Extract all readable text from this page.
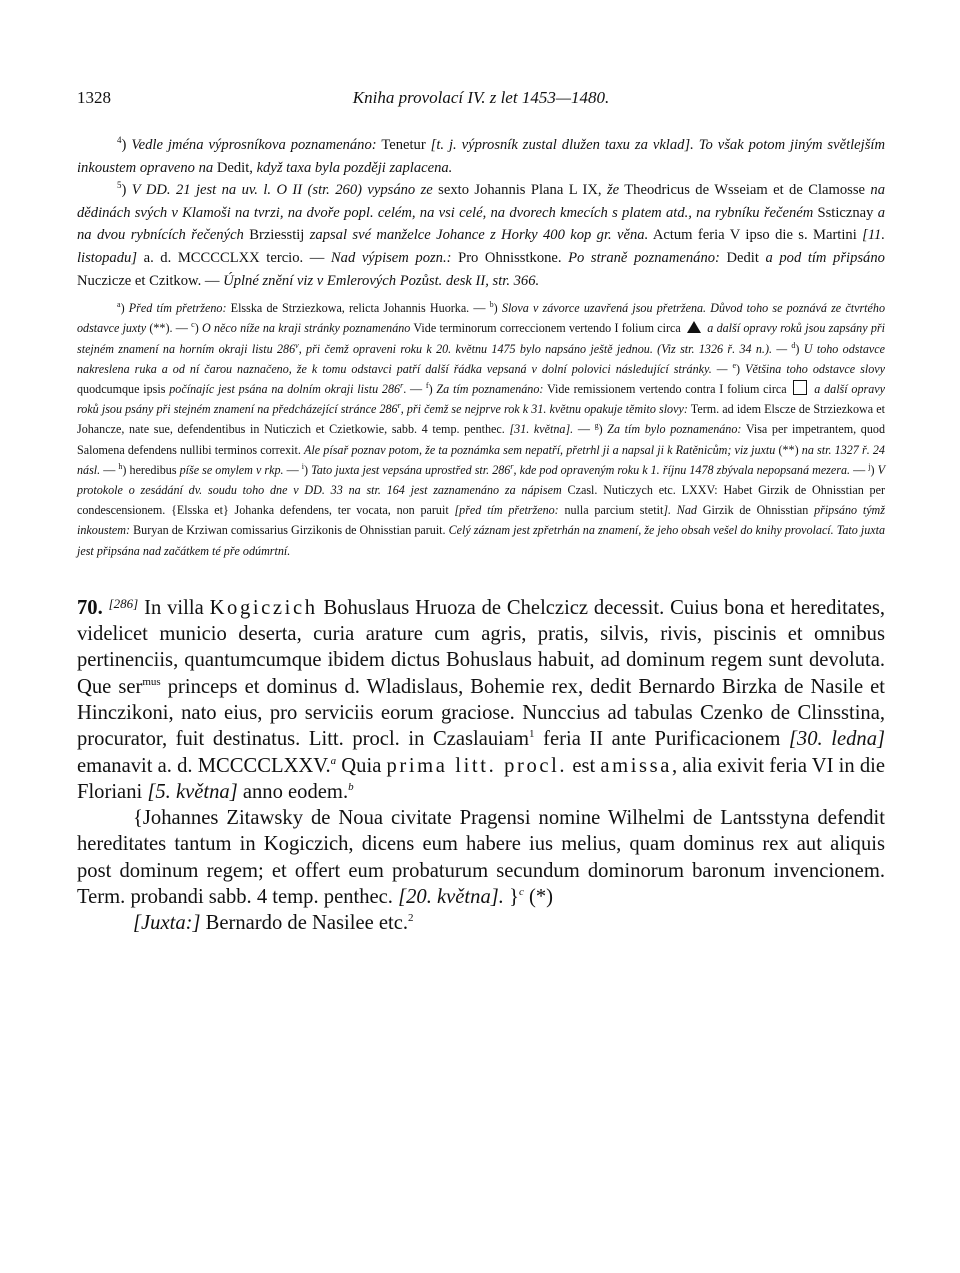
1328	Kniha provolací IV. z let 1453—1480.

$^4$) Vedle jména výprosníkova poznamenáno: Tenetur [t. j. výprosník zustal dlužen taxu za vklad]. To však potom jiným světlejším inkoustem opraveno na Dedit, když taxa byla později zaplacena.

$^5$) V DD. 21 jest na uv. l. O II (str. 260) vypsáno ze sexto Johannis Plana L IX, že Theodricus de Wsseiam et de Clamosse na dědinách svých v Klamoši na tvrzi, na dvoře popl. celém, na vsi celé, na dvorech kmecích s platem atd., na rybníku řečeném Ssticznay a na dvou rybnících řečených Brziesstij zapsal své manželce Johance z Horky 400 kop gr. věna. Actum feria V ipso die s. Martini [11. listopadu] a. d. MCCCCLXX tercio. — Nad výpisem pozn.: Pro Ohnisstkone. Po straně poznamenáno: Dedit a pod tím připsáno Nuczicze et Czitkow. — Úplné znění viz v Emlerových Pozůst. desk II, str. 366.

$^a$) Před tím přetrženo: Elsska de Strziezkowa, relicta Johannis Huorka. — $^b$) Slova v závorce uzavřená jsou přetržena. Důvod toho se poznává ze čtvrtého odstavce juxty (**). — $^c$) O něco níže na kraji stránky poznamenáno Vide terminorum correccionem vertendo I folium circa  a další opravy roků jsou zapsány při stejném znamení na horním okraji listu 286$^v$, při čemž opraveni roku k 20. květnu 1475 bylo napsáno ještě jednou. (Viz str. 1326 ř. 34 n.). — $^d$) U toho odstavce nakreslena ruka a od ní čarou naznačeno, že k tomu odstavci patří další řádka vepsaná v dolní polovici následující stránky. — $^e$) Většina toho odstavce slovy quodcumque ipsis počínajíc jest psána na dolním okraji listu 286$^r$. — $^f$) Za tím poznamenáno: Vide remissionem vertendo contra I folium circa  a další opravy roků jsou psány při stejném znamení na předcházející stránce 286$^r$, při čemž se nejprve rok k 31. květnu opakuje těmito slovy: Term. ad idem Elscze de Strziezkowa et Johancze, nate sue, defendentibus in Nuticzich et Czietkowie, sabb. 4 temp. penthec. [31. května]. — $^g$) Za tím bylo poznamenáno: Visa per impetrantem, quod Salomena defendens nullibi terminos correxit. Ale písař poznav potom, že ta poznámka sem nepatří, přetrhl ji a napsal ji k Ratěnicům; viz juxtu (**) na str. 1327 ř. 24 násl. — $^h$) heredibus píše se omylem v rkp. — $^i$) Tato juxta jest vepsána uprostřed str. 286$^r$, kde pod opraveným roku k 1. říjnu 1478 zbývala nepopsaná mezera. — $^j$) V protokole o zesádání dv. soudu toho dne v DD. 33 na str. 164 jest zaznamenáno za nápisem Czasl. Nuticzych etc. LXXV: Habet Girzik de Ohnisstian per condescensionem. {Elsska et} Johanka defendens, ter vocata, non paruit [před tím přetrženo: nulla parcium stetit]. Nad Girzik de Ohnisstian připsáno týmž inkoustem: Buryan de Krziwan comissarius Girzikonis de Ohnisstian paruit. Celý záznam jest zpřetrhán na znamení, že jeho obsah vešel do knihy provolací. Tato juxta jest připsána nad začátkem té pře odúmrtní.

70. [286] In villa Kogiczich Bohuslaus Hruoza de Chelczicz decessit. Cuius bona et hereditates, videlicet municio deserta, curia arature cum agris, pratis, silvis, rivis, piscinis et omnibus pertinenciis, quantumcumque ibidem dictus Bohuslaus habuit, ad dominum regem sunt devoluta. Que ser$^{mus}$ princeps et dominus d. Wladislaus, Bohemie rex, dedit Bernardo Birzka de Nasile et Hinczikoni, nato eius, pro serviciis eorum graciose. Nunccius ad tabulas Czenko de Clinsstina, procurator, fuit destinatus. Litt. procl. in Czaslauiam$^1$ feria II ante Purificacionem [30. ledna] emanavit a. d. MCCCCLXXV.$^a$ Quia prima litt. procl. est amissa, alia exivit feria VI in die Floriani [5. května] anno eodem.$^b$

{Johannes Zitawsky de Noua civitate Pragensi nomine Wilhelmi de Lantsstyna defendit hereditates tantum in Kogiczich, dicens eum habere ius melius, quam dominus rex aut aliquis post dominum regem; et offert eum probaturum secundum dominorum baronum invencionem. Term. probandi sabb. 4 temp. penthec. [20. května]. }$^c$ (*)

[Juxta:] Bernardo de Nasilee etc.$^2$
